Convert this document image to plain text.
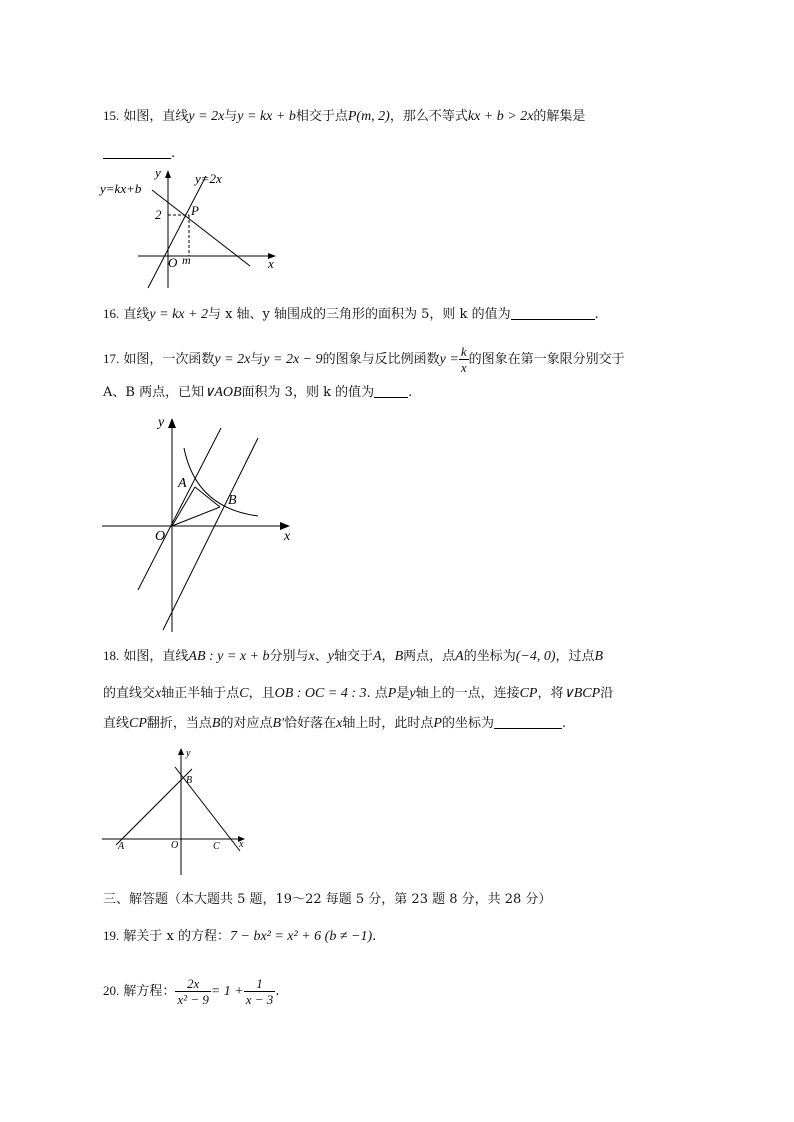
15. 如图，直线y = 2x与y = kx + b相交于点P(m, 2)，那么不等式kx + b > 2x的解集是
.
y=kx+b
y=2x
y
x
O m
P
2
16. 直线y = kx + 2与 x 轴、y 轴围成的三角形的面积为 5，则 k 的值为	.
17. 如图，一次函数y = 2x与y = 2x − 9的图象与反比例函数$y = \frac{k}{x}$ 的图象在第一象限分别交于
A、B 两点，已知∨AOB面积为 3，则 k 的值为	.
y
x
O
A
B
18. 如图，直线AB : y = x + b分别与x、y轴交于A，B两点，点A的坐标为(−4, 0)，过点B
的直线交x轴正半轴于点C，且OB : OC = 4 : 3. 点P是y轴上的一点，连接CP，将∨BCP沿
直线CP翻折，当点B的对应点B′恰好落在x轴上时，此时点P的坐标为	.
y
x
O
A
B
C
三、解答题（本大题共 5 题，19～22 每题 5 分，第 23 题 8 分，共 28 分）
19. 解关于 x 的方程：7 − bx² = x² + 6 (b ≠ −1).
20. 解方程： $\frac{2x}{\text{x² − 9}} = 1 + \frac{1}{x - 3}$ .
